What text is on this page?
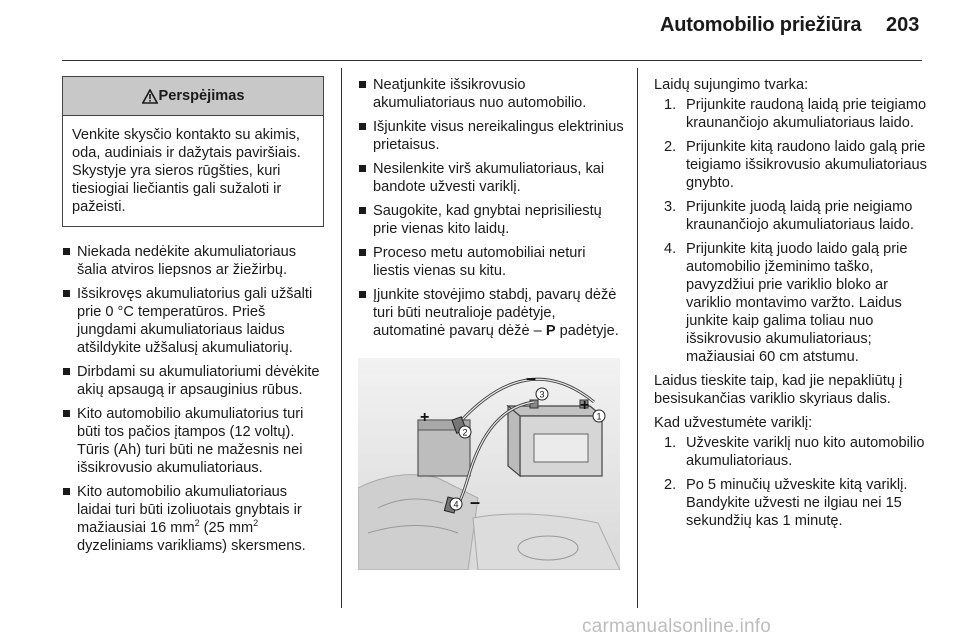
Automobilio priežiūra 203
Perspėjimas
Venkite skysčio kontakto su akimis, oda, audiniais ir dažytais paviršiais. Skystyje yra sieros rūgšties, kuri tiesiogiai liečiantis gali sužaloti ir pažeisti.
Niekada nedėkite akumuliatoriaus šalia atviros liepsnos ar žiežirbų.
Išsikrovęs akumuliatorius gali užšalti prie 0 °C temperatūros. Prieš jungdami akumuliatoriaus laidus atšildykite užšalusį akumuliatorių.
Dirbdami su akumuliatoriumi dėvėkite akių apsaugą ir apsauginius rūbus.
Kito automobilio akumuliatorius turi būti tos pačios įtampos (12 voltų). Tūris (Ah) turi būti ne mažesnis nei išsikrovusio akumuliatoriaus.
Kito automobilio akumuliatoriaus laidai turi būti izoliuotais gnybtais ir mažiausiai 16 $mm^2$ (25 $mm^2$ dyzeliniams varikliams) skersmens.
Neatjunkite išsikrovusio akumuliatoriaus nuo automobilio.
Išjunkite visus nereikalingus elektrinius prietaisus.
Nesilenkite virš akumuliatoriaus, kai bandote užvesti variklį.
Saugokite, kad gnybtai neprisiliestų prie vienas kito laidų.
Proceso metu automobiliai neturi liestis vienas su kitu.
Įjunkite stovėjimo stabdį, pavarų dėžė turi būti neutralioje padėtyje, automatinė pavarų dėžė – P padėtyje.
–
+
+
–
1
2
3
4

Laidų sujungimo tvarka:

1. Prijunkite raudoną laidą prie teigiamo kraunančiojo akumuliatoriaus laido.
2. Prijunkite kitą raudono laido galą prie teigiamo išsikrovusio akumuliatoriaus gnybto.
3. Prijunkite juodą laidą prie neigiamo kraunančiojo akumuliatoriaus laido.
4. Prijunkite kitą juodo laido galą prie automobilio įžeminimo taško, pavyzdžiui prie variklio bloko ar variklio montavimo varžto. Laidus junkite kaip galima toliau nuo išsikrovusio akumuliatoriaus; mažiausiai 60 cm atstumu.

Laidus tieskite taip, kad jie nepakliūtų į besisukančias variklio skyriaus dalis.

Kad užvestumėte variklį:

1. Užveskite variklį nuo kito automobilio akumuliatoriaus.
2. Po 5 minučių užveskite kitą variklį. Bandykite užvesti ne ilgiau nei 15 sekundžių kas 1 minutę.
carmanualsonline.info
